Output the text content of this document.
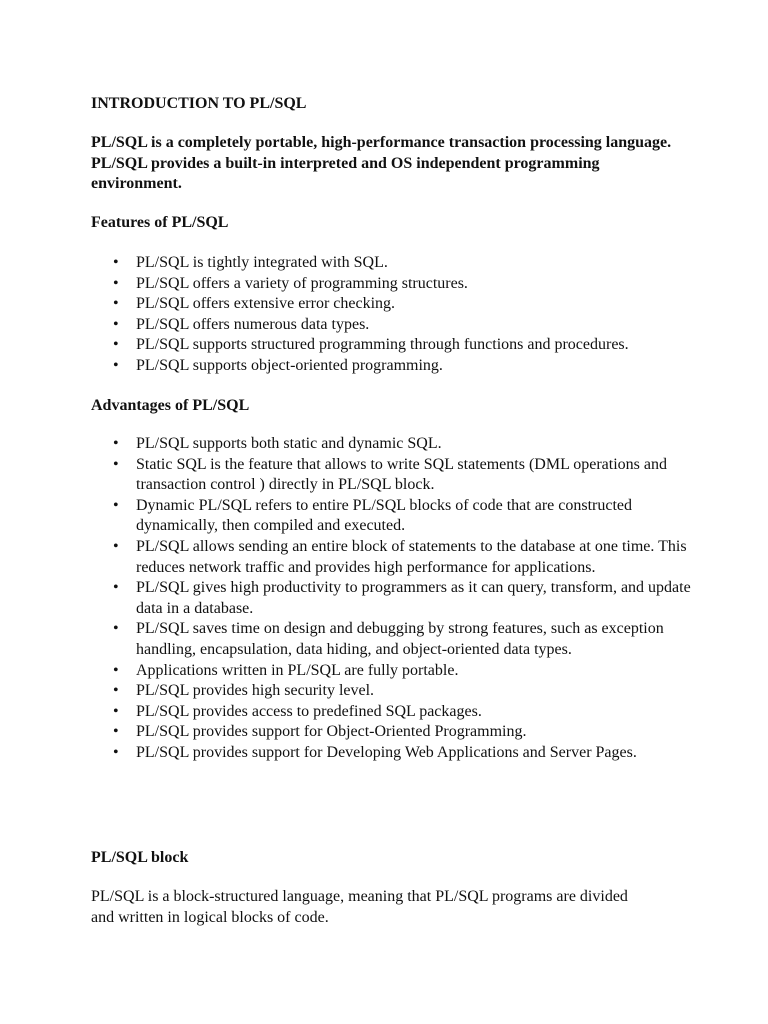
INTRODUCTION TO PL/SQL

PL/SQL is a completely portable, high-performance transaction processing language. PL/SQL provides a built-in interpreted and OS independent programming environment.

Features of PL/SQL
• PL/SQL is tightly integrated with SQL.
• PL/SQL offers a variety of programming structures.
• PL/SQL offers extensive error checking.
• PL/SQL offers numerous data types.
• PL/SQL supports structured programming through functions and procedures.
• PL/SQL supports object-oriented programming.
Advantages of PL/SQL
• PL/SQL supports both static and dynamic SQL.
• Static SQL is the feature that allows to write SQL statements (DML operations and transaction control ) directly in PL/SQL block.
• Dynamic PL/SQL refers to entire PL/SQL blocks of code that are constructed dynamically, then compiled and executed.
• PL/SQL allows sending an entire block of statements to the database at one time. This reduces network traffic and provides high performance for applications.
• PL/SQL gives high productivity to programmers as it can query, transform, and update data in a database.
• PL/SQL saves time on design and debugging by strong features, such as exception handling, encapsulation, data hiding, and object-oriented data types.
• Applications written in PL/SQL are fully portable.
• PL/SQL provides high security level.
• PL/SQL provides access to predefined SQL packages.
• PL/SQL provides support for Object-Oriented Programming.
• PL/SQL provides support for Developing Web Applications and Server Pages.
PL/SQL block

PL/SQL is a block-structured language, meaning that PL/SQL programs are divided and written in logical blocks of code.
